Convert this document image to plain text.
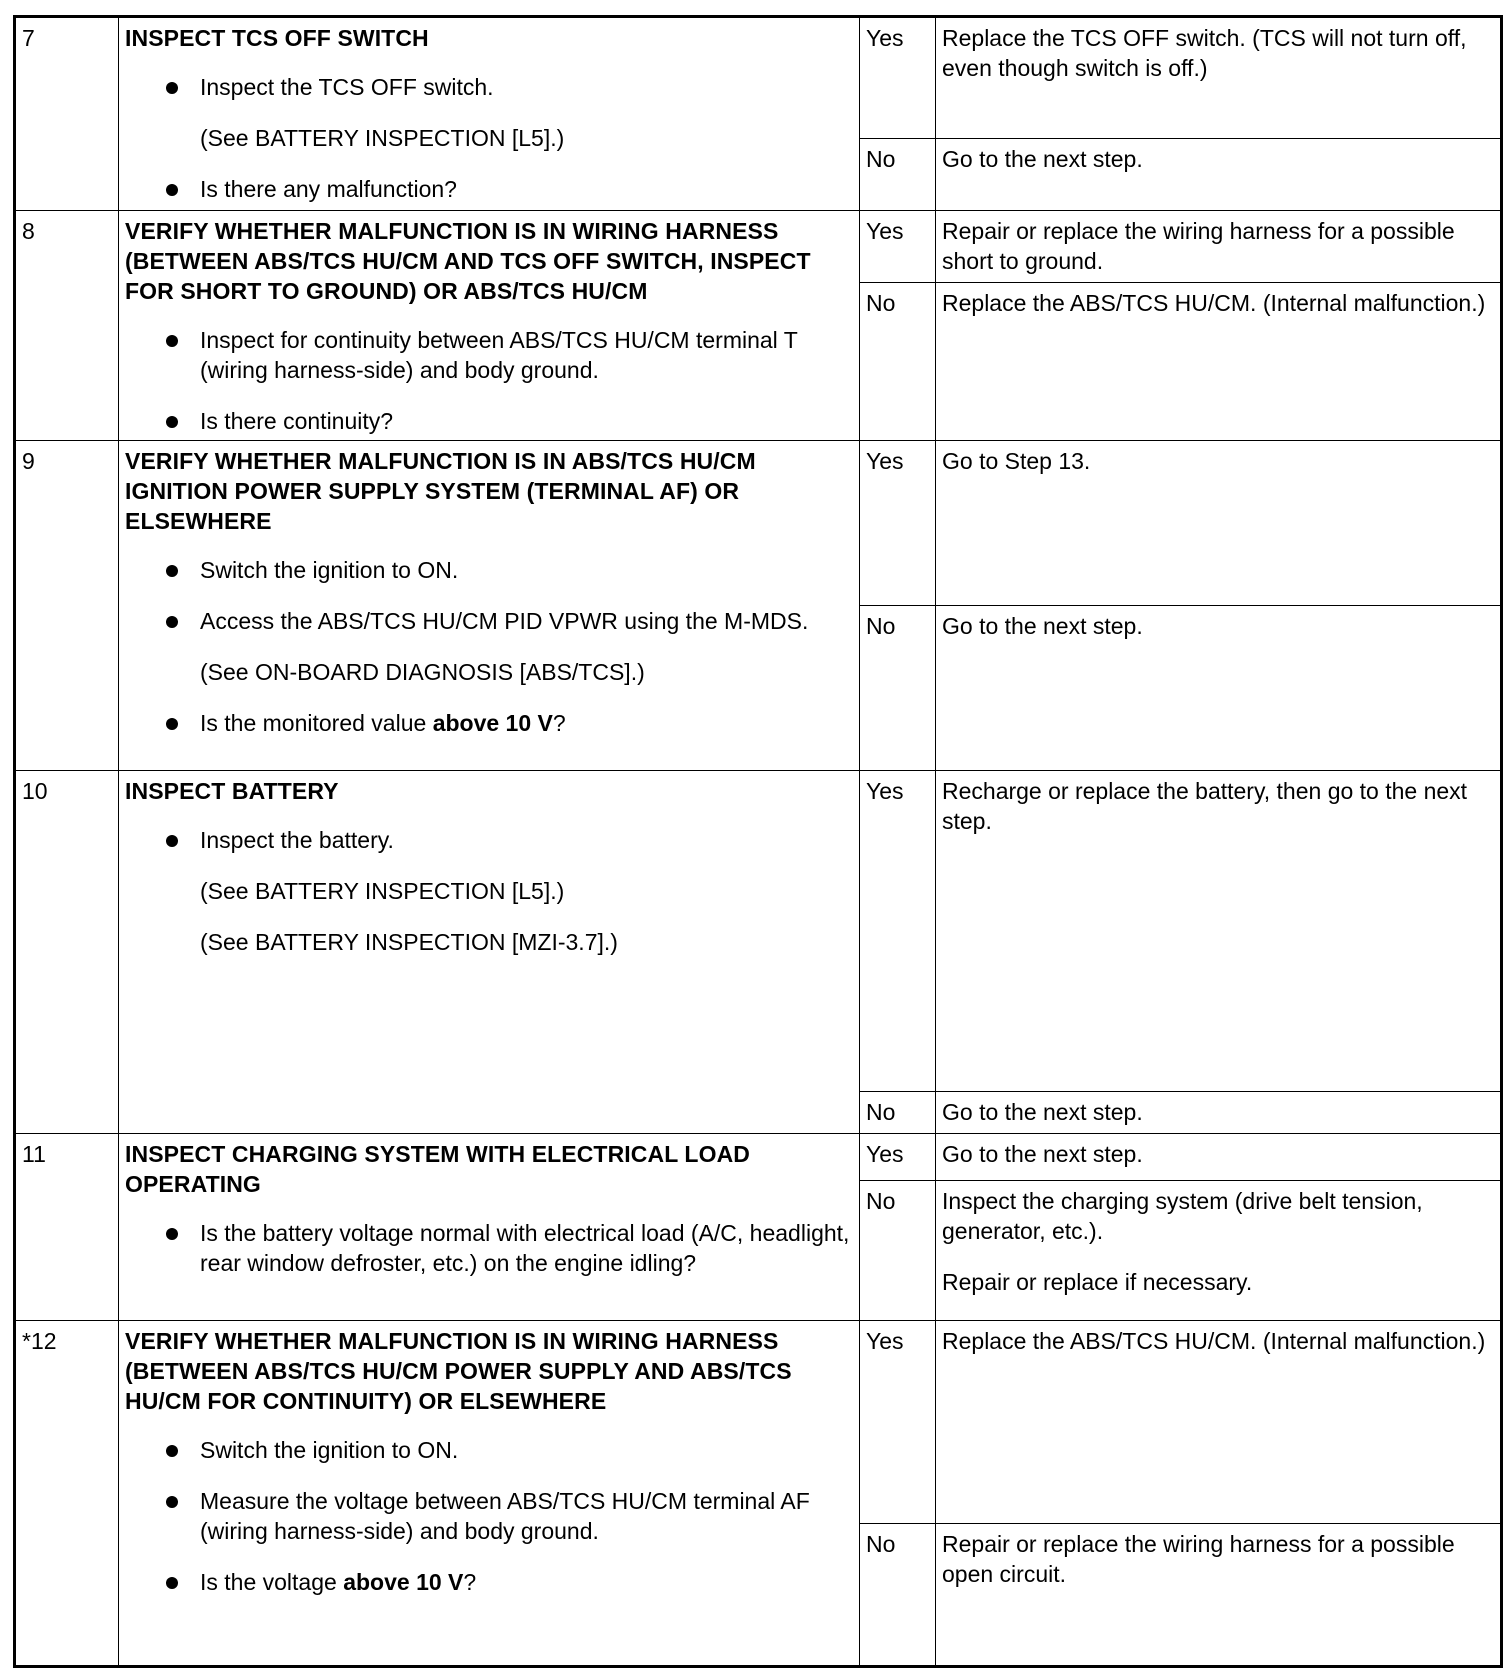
7	INSPECT TCS OFF SWITCH
Inspect the TCS OFF switch.
(See BATTERY INSPECTION [L5].)
Is there any malfunction?	Yes	Replace the TCS OFF switch. (TCS will not turn off, even though switch is off.)

		No	Go to the next step.

8	VERIFY WHETHER MALFUNCTION IS IN WIRING HARNESS (BETWEEN ABS/TCS HU/CM AND TCS OFF SWITCH, INSPECT FOR SHORT TO GROUND) OR ABS/TCS HU/CM
Inspect for continuity between ABS/TCS HU/CM terminal T (wiring harness-side) and body ground.
Is there continuity?	Yes	Repair or replace the wiring harness for a possible short to ground.

		No	Replace the ABS/TCS HU/CM. (Internal malfunction.)

9	VERIFY WHETHER MALFUNCTION IS IN ABS/TCS HU/CM IGNITION POWER SUPPLY SYSTEM (TERMINAL AF) OR ELSEWHERE
Switch the ignition to ON.
Access the ABS/TCS HU/CM PID VPWR using the M-MDS.
(See ON-BOARD DIAGNOSIS [ABS/TCS].)
Is the monitored value above 10 V?	Yes	Go to Step 13.

		No	Go to the next step.

10	INSPECT BATTERY
Inspect the battery.
(See BATTERY INSPECTION [L5].)
(See BATTERY INSPECTION [MZI-3.7].)	Yes	Recharge or replace the battery, then go to the next step.

		No	Go to the next step.

11	INSPECT CHARGING SYSTEM WITH ELECTRICAL LOAD OPERATING
Is the battery voltage normal with electrical load (A/C, headlight, rear window defroster, etc.) on the engine idling?	Yes	Go to the next step.

		No	Inspect the charging system (drive belt tension, generator, etc.).
Repair or replace if necessary.

*12	VERIFY WHETHER MALFUNCTION IS IN WIRING HARNESS (BETWEEN ABS/TCS HU/CM POWER SUPPLY AND ABS/TCS HU/CM FOR CONTINUITY) OR ELSEWHERE
Switch the ignition to ON.
Measure the voltage between ABS/TCS HU/CM terminal AF (wiring harness-side) and body ground.
Is the voltage above 10 V?	Yes	Replace the ABS/TCS HU/CM. (Internal malfunction.)

		No	Repair or replace the wiring harness for a possible open circuit.
